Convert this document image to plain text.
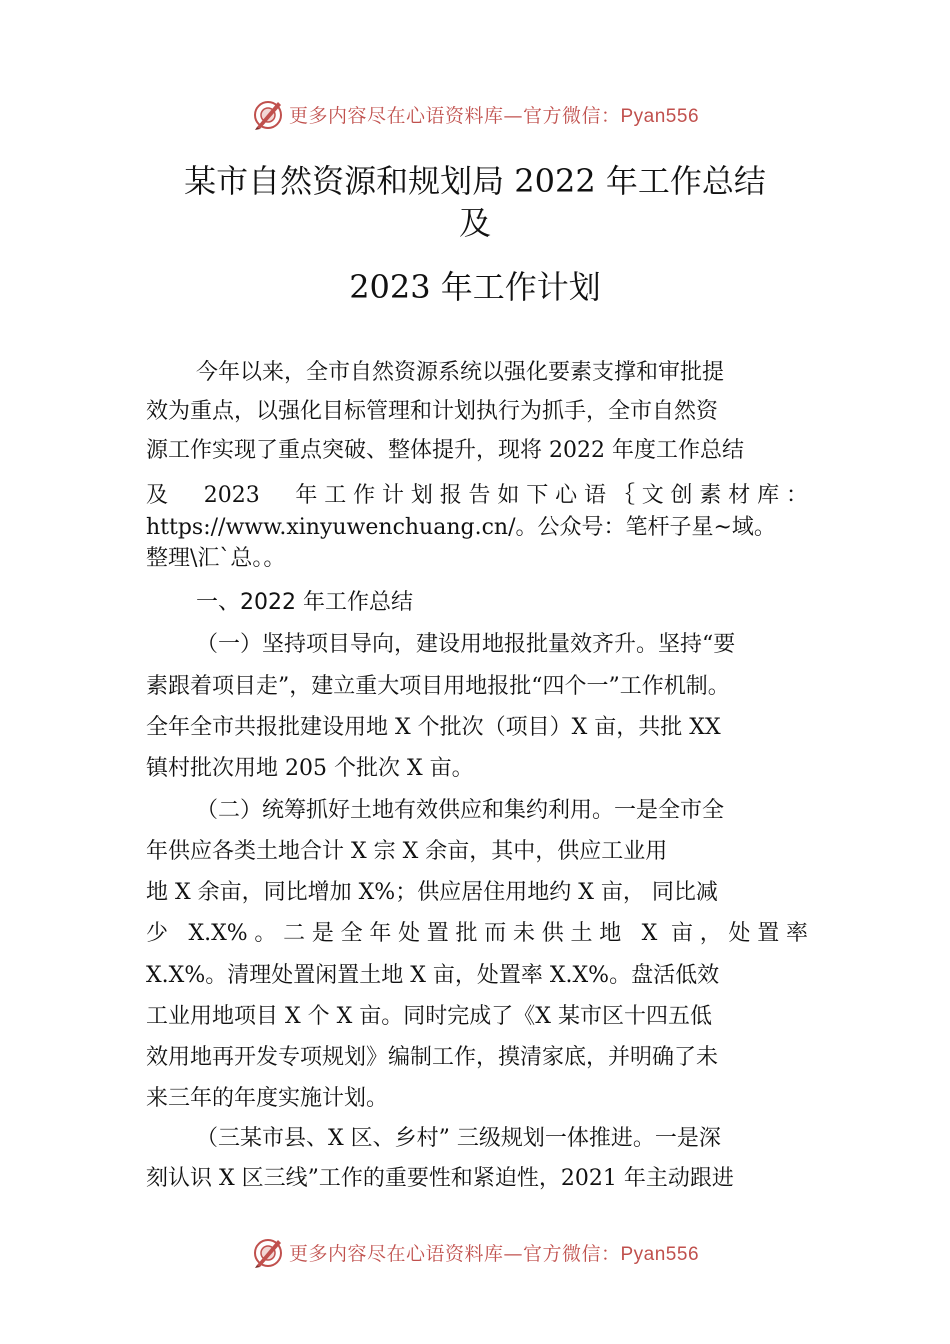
更多内容尽在心语资料库—官方微信：Pyan556
某市自然资源和规划局 2022 年工作总结
及
2023 年工作计划
今年以来，全市自然资源系统以强化要素支撑和审批提
效为重点，以强化目标管理和计划执行为抓手，全市自然资
源工作实现了重点突破、整体提升，现将 2022 年度工作总结
及　2023　年工作计划报告如下心语｛文创素材库：
https://www.xinyuwenchuang.cn/。公众号：笔杆子星~域。
整理\汇`总。。
一、2022 年工作总结
（一）坚持项目导向，建设用地报批量效齐升。坚持“要
素跟着项目走”，建立重大项目用地报批“四个一”工作机制。
全年全市共报批建设用地 X 个批次（项目）X 亩，共批 XX
镇村批次用地 205 个批次 X 亩。
（二）统筹抓好土地有效供应和集约利用。一是全市全
年供应各类土地合计 X 宗 X 余亩，其中，供应工业用
地 X 余亩，同比增加 X%；供应居住用地约 X 亩， 同比减
少 X.X%。二是全年处置批而未供土地 X 亩，处置率
X.X%。清理处置闲置土地 X 亩，处置率 X.X%。盘活低效
工业用地项目 X 个 X 亩。同时完成了《X 某市区十四五低
效用地再开发专项规划》编制工作，摸清家底，并明确了未
来三年的年度实施计划。
（三某市县、X 区、乡村” 三级规划一体推进。一是深
刻认识 X 区三线”工作的重要性和紧迫性，2021 年主动跟进
更多内容尽在心语资料库—官方微信：Pyan556
